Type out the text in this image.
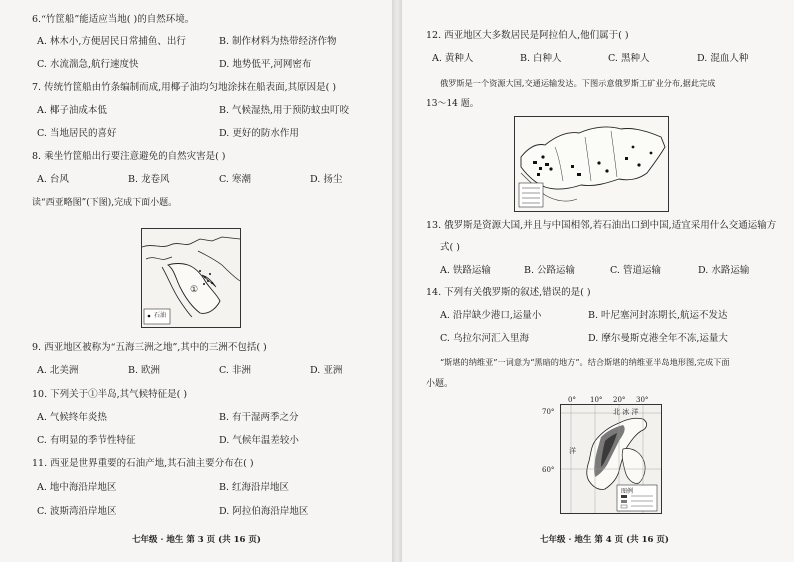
6.“竹筐船”能适应当地( )的自然环境。
A. 林木小,方便居民日常捕鱼、出行	B. 制作材料为热带经济作物
C. 水流湍急,航行速度快	D. 地势低平,河网密布
7. 传统竹筐船由竹条编制而成,用椰子油均匀地涂抹在船表面,其原因是( )
A. 椰子油成本低	B. 气候湿热,用于预防蚊虫叮咬
C. 当地居民的喜好	D. 更好的防水作用
8. 乘坐竹筐船出行要注意避免的自然灾害是( )
A. 台风	B. 龙卷风	C. 寒潮	D. 扬尘
读“西亚略图”(下图),完成下面小题。
①
石油
9. 西亚地区被称为“五海三洲之地”,其中的三洲不包括( )
A. 北美洲	B. 欧洲	C. 非洲	D. 亚洲
10. 下列关于①半岛,其气候特征是( )
A. 气候终年炎热	B. 有干湿两季之分
C. 有明显的季节性特征	D. 气候年温差较小
11. 西亚是世界重要的石油产地,其石油主要分布在( )
A. 地中海沿岸地区	B. 红海沿岸地区
C. 波斯湾沿岸地区	D. 阿拉伯海沿岸地区
七年级 · 地生 第 3 页 (共 16 页)
12. 西亚地区大多数居民是阿拉伯人,他们属于( )
A. 黄种人	B. 白种人	C. 黑种人	D. 混血人种
俄罗斯是一个资源大国,交通运输发达。下图示意俄罗斯工矿业分布,据此完成
13～14 题。
13. 俄罗斯是资源大国,并且与中国相邻,若石油出口到中国,适宜采用什么交通运输方
式( )
A. 铁路运输	B. 公路运输	C. 管道运输	D. 水路运输
14. 下列有关俄罗斯的叙述,错误的是( )
A. 沿岸缺少港口,运量小	B. 叶尼塞河封冻期长,航运不发达
C. 乌拉尔河汇入里海	D. 摩尔曼斯克港全年不冻,运量大
“斯堪的纳维亚”一词意为“黑暗的地方”。结合斯堪的纳维亚半岛地形图,完成下面
小题。
0° 10° 20° 30°
70°
60°
北 冰 洋
洋
图例
七年级 · 地生 第 4 页 (共 16 页)
